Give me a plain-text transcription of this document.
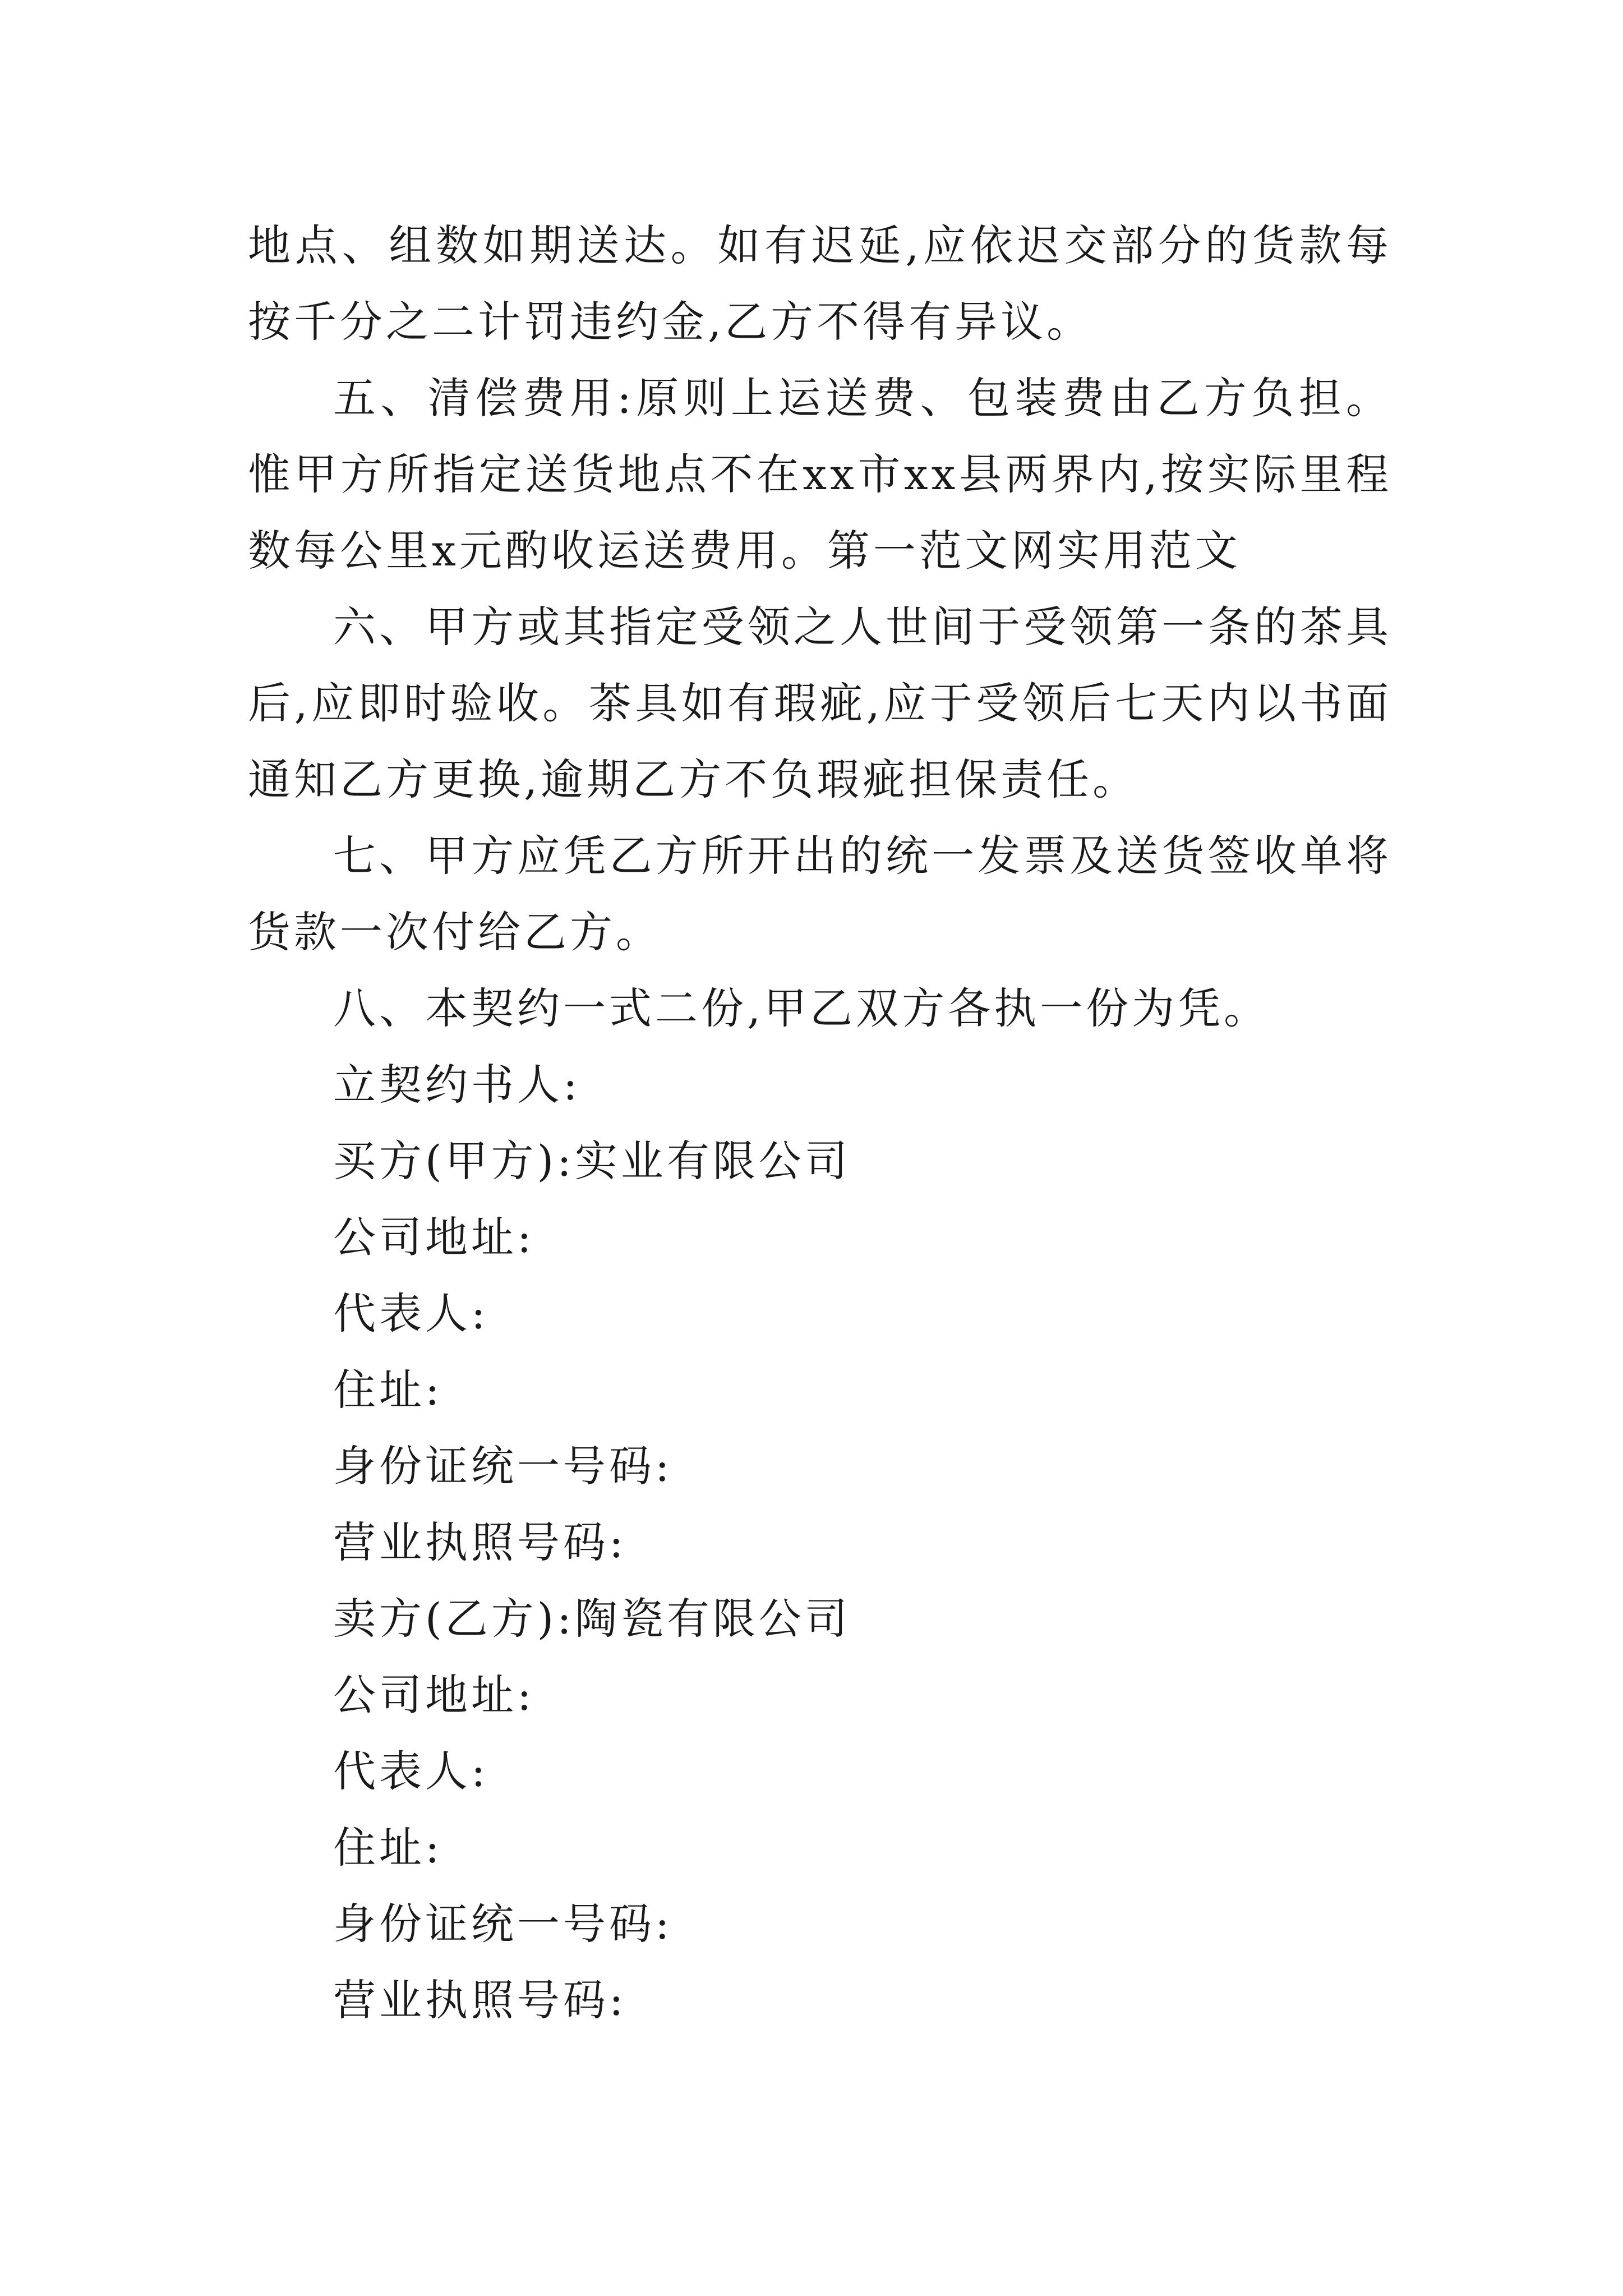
地点、组数如期送达。如有迟延,应依迟交部分的货款每按千分之二计罚违约金,乙方不得有异议。

五、清偿费用:原则上运送费、包装费由乙方负担。惟甲方所指定送货地点不在xx市xx县两界内,按实际里程数每公里x元酌收运送费用。第一范文网实用范文

六、甲方或其指定受领之人世间于受领第一条的茶具后,应即时验收。茶具如有瑕疵,应于受领后七天内以书面通知乙方更换,逾期乙方不负瑕疵担保责任。

七、甲方应凭乙方所开出的统一发票及送货签收单将货款一次付给乙方。

八、本契约一式二份,甲乙双方各执一份为凭。

立契约书人:

买方(甲方):实业有限公司

公司地址:

代表人:

住址:

身份证统一号码:

营业执照号码:

卖方(乙方):陶瓷有限公司

公司地址:

代表人:

住址:

身份证统一号码:

营业执照号码:
